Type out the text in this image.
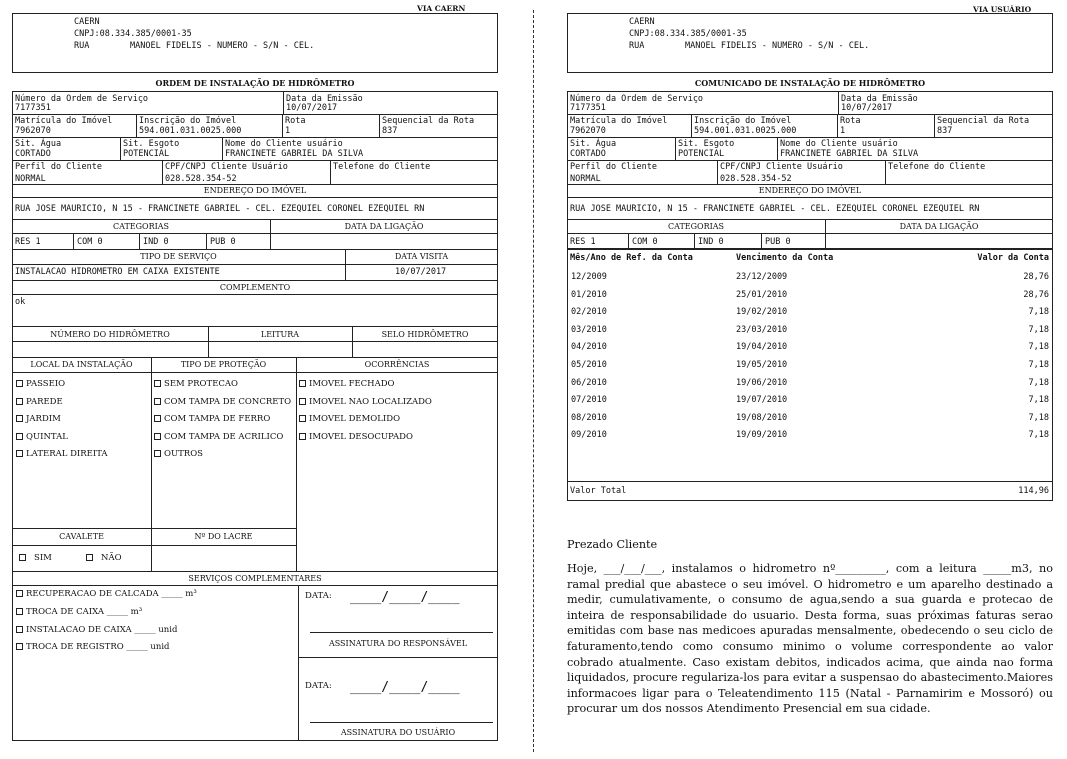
VIA CAERN
CAERN
CNPJ:08.334.385/0001-35
RUA	MANOEL FIDELIS - NUMERO - S/N - CEL.
ORDEM DE INSTALAÇÃO DE HIDRÔMETRO
Número da Ordem de Serviço
7177351
Data da Emissão
10/07/2017
Matrícula do Imóvel
7962070
Inscrição do Imóvel
594.001.031.0025.000
Rota
1
Sequencial da Rota
837
Sit. Água
CORTADO
Sit. Esgoto
POTENCIAL
Nome do Cliente usuário
FRANCINETE GABRIEL DA SILVA
Perfil do Cliente
NORMAL
CPF/CNPJ Cliente Usuário
028.528.354-52
Telefone do Cliente
ENDEREÇO DO IMÓVEL
RUA JOSE MAURICIO, N 15 - FRANCINETE GABRIEL - CEL. EZEQUIEL CORONEL EZEQUIEL RN
CATEGORIAS	DATA DA LIGAÇÃO
RES 1	COM 0	IND 0	PUB 0
TIPO DE SERVIÇO	DATA VISITA
INSTALACAO HIDROMETRO EM CAIXA EXISTENTE	10/07/2017
COMPLEMENTO
ok
NÚMERO DO HIDRÔMETRO	LEITURA	SELO HIDRÔMETRO
LOCAL DA INSTALAÇÃO	TIPO DE PROTEÇÃO	OCORRÊNCIAS
PASSEIO
PAREDE
JARDIM
QUINTAL
LATERAL DIREITA
SEM PROTECAO
COM TAMPA DE CONCRETO
COM TAMPA DE FERRO
COM TAMPA DE ACRILICO
OUTROS
IMOVEL FECHADO
IMOVEL NAO LOCALIZADO
IMOVEL DEMOLIDO
IMOVEL DESOCUPADO
CAVALETE	Nº DO LACRE
SIM	NÃO
SERVIÇOS COMPLEMENTARES
RECUPERACAO DE CALCADA _____ m³
TROCA DE CAIXA _____ m³
INSTALACAO DE CAIXA _____ unid
TROCA DE REGISTRO _____ unid
DATA: ____/____/____
ASSINATURA DO RESPONSÁVEL
DATA: ____/____/____
ASSINATURA DO USUÁRIO
VIA USUÁRIO
CAERN
CNPJ:08.334.385/0001-35
RUA	MANOEL FIDELIS - NUMERO - S/N - CEL.
COMUNICADO DE INSTALAÇÃO DE HIDRÔMETRO
Número da Ordem de Serviço
7177351
Data da Emissão
10/07/2017
Matrícula do Imóvel
7962070
Inscrição do Imóvel
594.001.031.0025.000
Rota
1
Sequencial da Rota
837
Sit. Água
CORTADO
Sit. Esgoto
POTENCIAL
Nome do Cliente usuário
FRANCINETE GABRIEL DA SILVA
Perfil do Cliente
NORMAL
CPF/CNPJ Cliente Usuário
028.528.354-52
Telefone do Cliente
ENDEREÇO DO IMÓVEL
RUA JOSE MAURICIO, N 15 - FRANCINETE GABRIEL - CEL. EZEQUIEL CORONEL EZEQUIEL RN
CATEGORIAS	DATA DA LIGAÇÃO
RES 1	COM 0	IND 0	PUB 0
Mês/Ano de Ref. da Conta	Vencimento da Conta	Valor da Conta
12/2009	23/12/2009	28,76
01/2010	25/01/2010	28,76
02/2010	19/02/2010	7,18
03/2010	23/03/2010	7,18
04/2010	19/04/2010	7,18
05/2010	19/05/2010	7,18
06/2010	19/06/2010	7,18
07/2010	19/07/2010	7,18
08/2010	19/08/2010	7,18
09/2010	19/09/2010	7,18
Valor Total	114,96
Prezado Cliente
Hoje, ___/___/___, instalamos o hidrometro nº_________, com a leitura _____m3, no ramal predial que abastece o seu imóvel. O hidrometro e um aparelho destinado a medir, cumulativamente, o consumo de agua,sendo a sua guarda e protecao de inteira de responsabilidade do usuario. Desta forma, suas próximas faturas serao emitidas com base nas medicoes apuradas mensalmente, obedecendo o seu ciclo de faturamento,tendo como consumo minimo o volume correspondente ao valor cobrado atualmente. Caso existam debitos, indicados acima, que ainda nao forma liquidados, procure regulariza-los para evitar a suspensao do abastecimento.Maiores informacoes ligar para o Teleatendimento 115 (Natal - Parnamirim e Mossoró) ou procurar um dos nossos Atendimento Presencial em sua cidade.
